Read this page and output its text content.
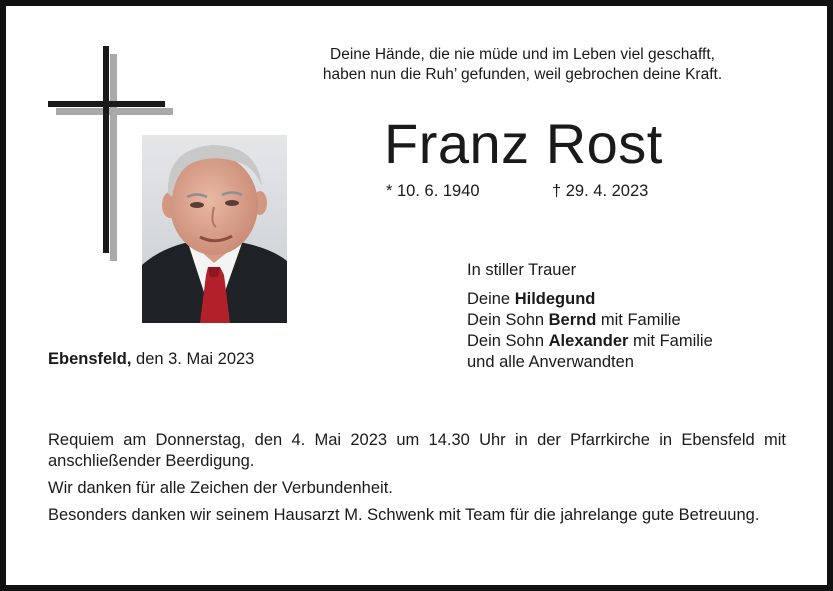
Deine Hände, die nie müde und im Leben viel geschafft,
haben nun die Ruh’ gefunden, weil gebrochen deine Kraft.
Franz Rost
* 10. 6. 1940	† 29. 4. 2023
In stiller Trauer
Deine Hildegund
Dein Sohn Bernd mit Familie
Dein Sohn Alexander mit Familie
und alle Anverwandten
Ebensfeld, den 3. Mai 2023

Requiem am Donnerstag, den 4. Mai 2023 um 14.30 Uhr in der Pfarrkirche in Ebensfeld mit anschließender Beerdigung.

Wir danken für alle Zeichen der Verbundenheit.

Besonders danken wir seinem Hausarzt M. Schwenk mit Team für die jahrelange gute Betreuung.
